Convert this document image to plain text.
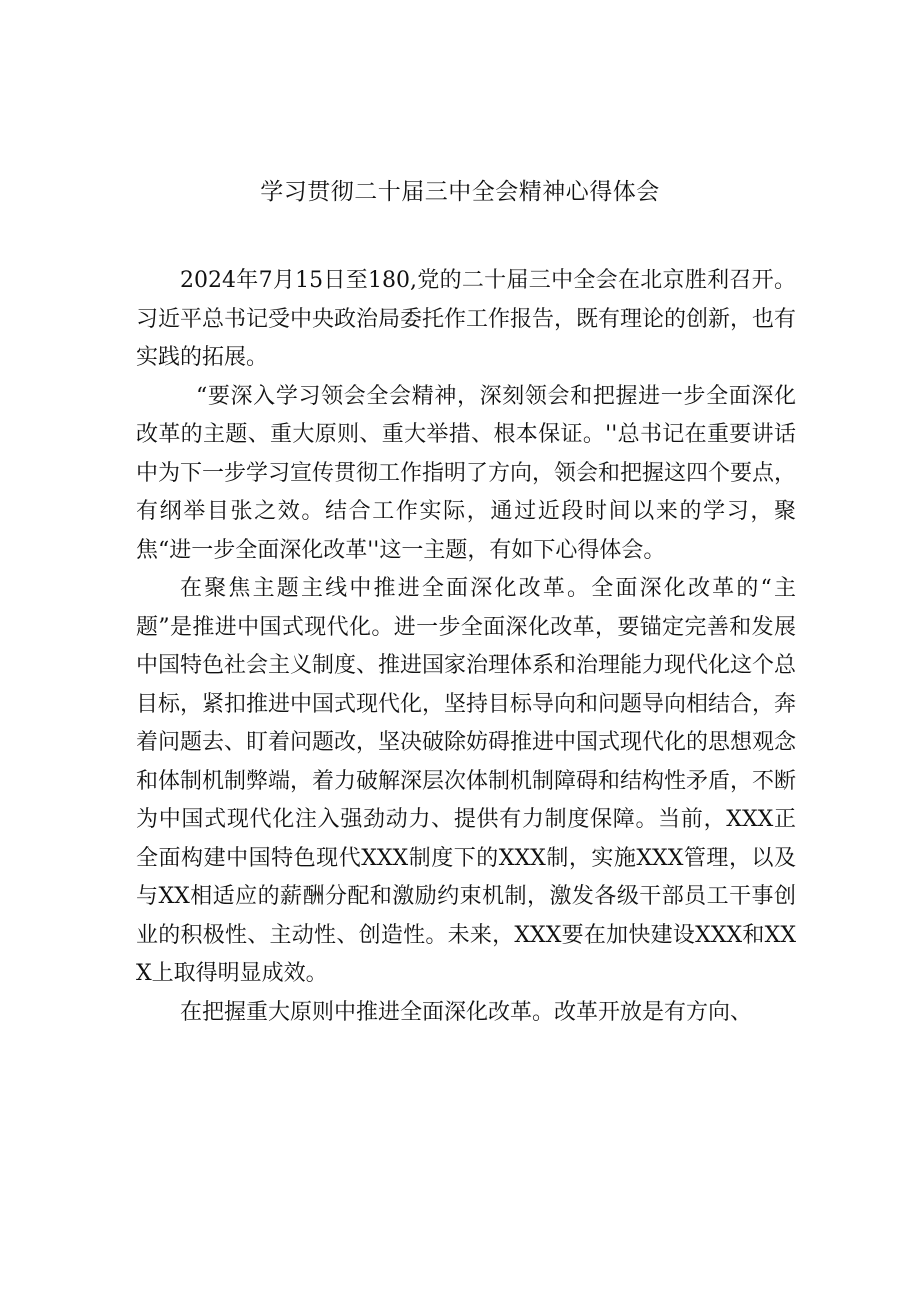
学习贯彻二十届三中全会精神心得体会

2024年7月15日至180,党的二十届三中全会在北京胜利召开。习近平总书记受中央政治局委托作工作报告，既有理论的创新，也有实践的拓展。

“要深入学习领会全会精神，深刻领会和把握进一步全面深化改革的主题、重大原则、重大举措、根本保证。''总书记在重要讲话中为下一步学习宣传贯彻工作指明了方向，领会和把握这四个要点，有纲举目张之效。结合工作实际，通过近段时间以来的学习，聚焦“进一步全面深化改革''这一主题，有如下心得体会。

在聚焦主题主线中推进全面深化改革。全面深化改革的“主题”是推进中国式现代化。进一步全面深化改革，要锚定完善和发展中国特色社会主义制度、推进国家治理体系和治理能力现代化这个总目标，紧扣推进中国式现代化，坚持目标导向和问题导向相结合，奔着问题去、盯着问题改，坚决破除妨碍推进中国式现代化的思想观念和体制机制弊端，着力破解深层次体制机制障碍和结构性矛盾，不断为中国式现代化注入强劲动力、提供有力制度保障。当前，XXX正全面构建中国特色现代XXX制度下的XXX制，实施XXX管理，以及与XX相适应的薪酬分配和激励约束机制，激发各级干部员工干事创业的积极性、主动性、创造性。未来，XXX要在加快建设XXX和XXX上取得明显成效。

在把握重大原则中推进全面深化改革。改革开放是有方向、
